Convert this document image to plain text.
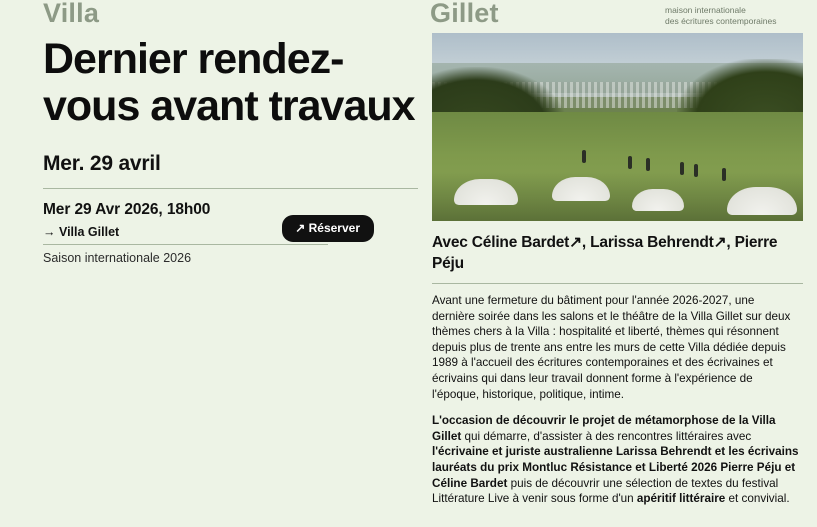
Villa	Gillet	maison internationale
des écritures contemporaines
Dernier rendez-vous avant travaux
Mer. 29 avril
Mer 29 Avr 2026, 18h00
→ Villa Gillet
Saison internationale 2026
↗ Réserver
Avec Céline Bardet↗, Larissa Behrendt↗, Pierre Péju

Avant une fermeture du bâtiment pour l'année 2026-2027, une dernière soirée dans les salons et le théâtre de la Villa Gillet sur deux thèmes chers à la Villa : hospitalité et liberté, thèmes qui résonnent depuis plus de trente ans entre les murs de cette Villa dédiée depuis 1989 à l'accueil des écritures contemporaines et des écrivaines et écrivains qui dans leur travail donnent forme à l'expérience de l'époque, historique, politique, intime.

L'occasion de découvrir le projet de métamorphose de la Villa Gillet qui démarre, d'assister à des rencontres littéraires avec l'écrivaine et juriste australienne Larissa Behrendt et les écrivains lauréats du prix Montluc Résistance et Liberté 2026 Pierre Péju et Céline Bardet puis de découvrir une sélection de textes du festival Littérature Live à venir sous forme d'un apéritif littéraire et convivial.
